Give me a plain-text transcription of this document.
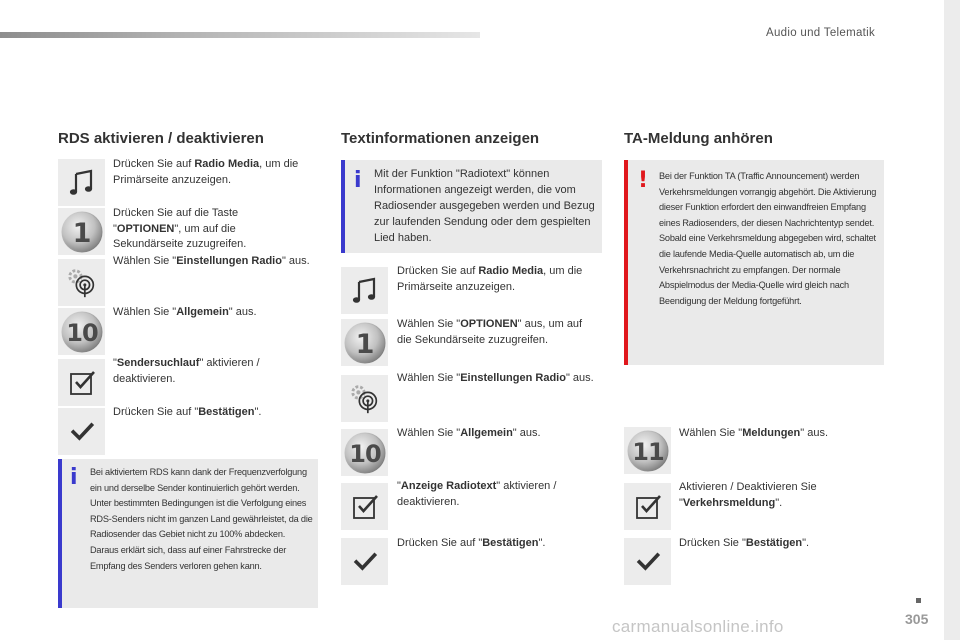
Audio und Telematik
RDS aktivieren / deaktivieren
Drücken Sie auf Radio Media, um die Primärseite anzuzeigen.
1
Drücken Sie auf die Taste "OPTIONEN", um auf die Sekundärseite zuzugreifen.
Wählen Sie "Einstellungen Radio" aus.
10
Wählen Sie "Allgemein" aus.
"Sendersuchlauf" aktivieren / deaktivieren.
Drücken Sie auf "Bestätigen".
i Bei aktiviertem RDS kann dank der Frequenzverfolgung ein und derselbe Sender kontinuierlich gehört werden. Unter bestimmten Bedingungen ist die Verfolgung eines RDS-Senders nicht im ganzen Land gewährleistet, da die Radiosender das Gebiet nicht zu 100% abdecken. Daraus erklärt sich, dass auf einer Fahrstrecke der Empfang des Senders verloren gehen kann.
Textinformationen anzeigen
i Mit der Funktion "Radiotext" können Informationen angezeigt werden, die vom Radiosender ausgegeben werden und Bezug zur laufenden Sendung oder dem gespielten Lied haben.
Drücken Sie auf Radio Media, um die Primärseite anzuzeigen.
1
Wählen Sie "OPTIONEN" aus, um auf die Sekundärseite zuzugreifen.
Wählen Sie "Einstellungen Radio" aus.
10
Wählen Sie "Allgemein" aus.
"Anzeige Radiotext" aktivieren / deaktivieren.
Drücken Sie auf "Bestätigen".
TA-Meldung anhören
! Bei der Funktion TA (Traffic Announcement) werden Verkehrsmeldungen vorrangig abgehört. Die Aktivierung dieser Funktion erfordert den einwandfreien Empfang eines Radiosenders, der diesen Nachrichtentyp sendet. Sobald eine Verkehrsmeldung abgegeben wird, schaltet die laufende Media-Quelle automatisch ab, um die Verkehrsnachricht zu empfangen. Der normale Abspielmodus der Media-Quelle wird gleich nach Beendigung der Meldung fortgeführt.
11
Wählen Sie "Meldungen" aus.
Aktivieren / Deaktivieren Sie "Verkehrsmeldung".
Drücken Sie "Bestätigen".
carmanualsonline.info	305
